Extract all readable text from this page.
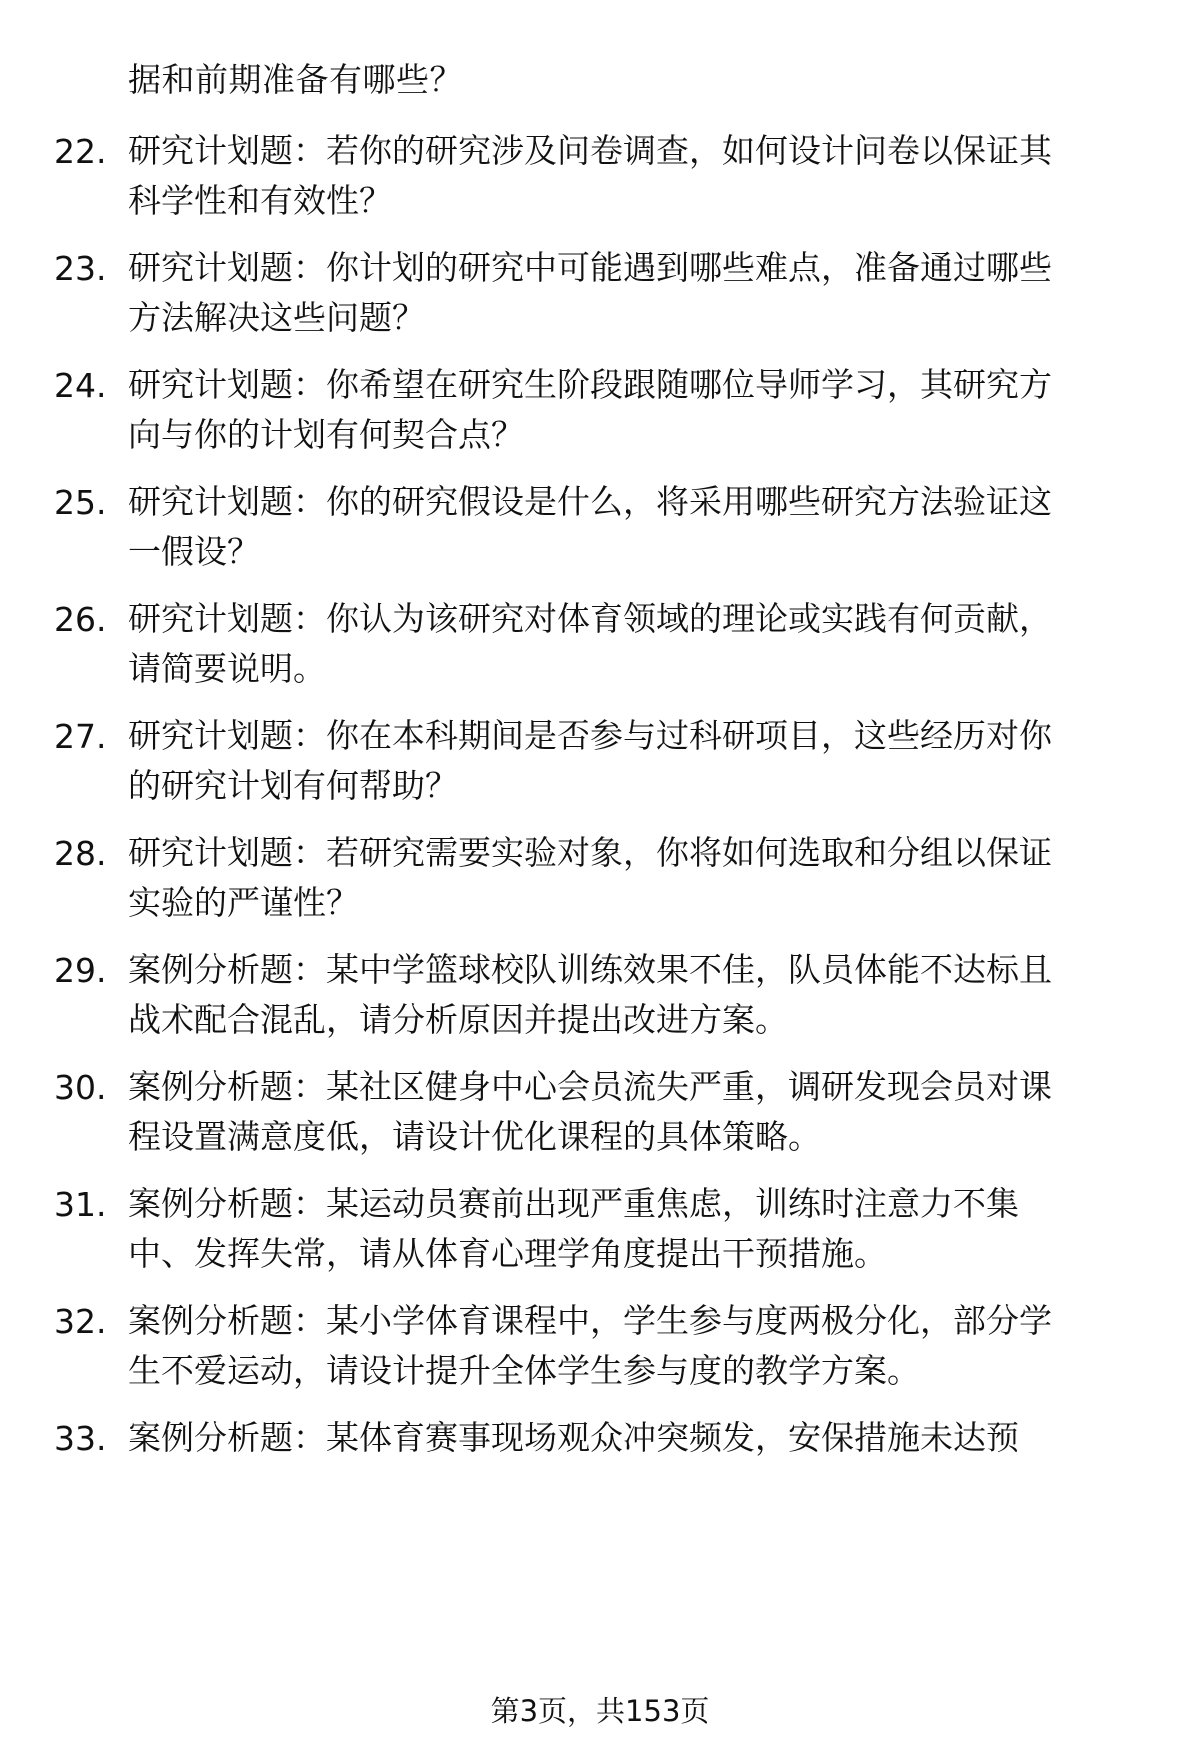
据和前期准备有哪些？
22. 研究计划题：若你的研究涉及问卷调查，如何设计问卷以保证其
科学性和有效性？
23. 研究计划题：你计划的研究中可能遇到哪些难点，准备通过哪些
方法解决这些问题？
24. 研究计划题：你希望在研究生阶段跟随哪位导师学习，其研究方
向与你的计划有何契合点？
25. 研究计划题：你的研究假设是什么，将采用哪些研究方法验证这
一假设？
26. 研究计划题：你认为该研究对体育领域的理论或实践有何贡献，
请简要说明。
27. 研究计划题：你在本科期间是否参与过科研项目，这些经历对你
的研究计划有何帮助？
28. 研究计划题：若研究需要实验对象，你将如何选取和分组以保证
实验的严谨性？
29. 案例分析题：某中学篮球校队训练效果不佳，队员体能不达标且
战术配合混乱，请分析原因并提出改进方案。
30. 案例分析题：某社区健身中心会员流失严重，调研发现会员对课
程设置满意度低，请设计优化课程的具体策略。
31. 案例分析题：某运动员赛前出现严重焦虑，训练时注意力不集
中、发挥失常，请从体育心理学角度提出干预措施。
32. 案例分析题：某小学体育课程中，学生参与度两极分化，部分学
生不爱运动，请设计提升全体学生参与度的教学方案。
33. 案例分析题：某体育赛事现场观众冲突频发，安保措施未达预
第3页，共153页
